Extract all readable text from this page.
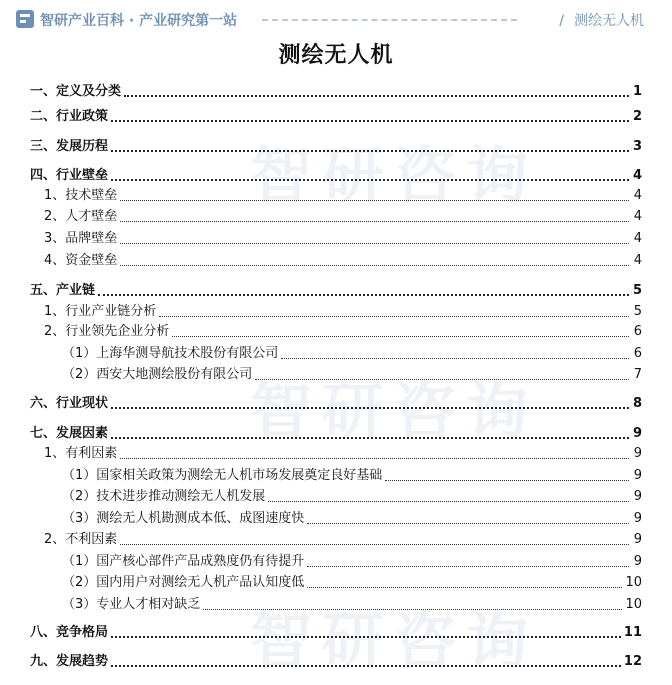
智研产业百科 · 产业研究第一站	/ 测绘无人机
智研咨询
智研咨询
智研咨询
测绘无人机
一、定义及分类	1
二、行业政策	2
三、发展历程	3
四、行业壁垒	4
1、技术壁垒	4
2、人才壁垒	4
3、品牌壁垒	4
4、资金壁垒	4
五、产业链	5
1、行业产业链分析	5
2、行业领先企业分析	6
（1）上海华测导航技术股份有限公司	6
（2）西安大地测绘股份有限公司	7
六、行业现状	8
七、发展因素	9
1、有利因素	9
（1）国家相关政策为测绘无人机市场发展奠定良好基础	9
（2）技术进步推动测绘无人机发展	9
（3）测绘无人机勘测成本低、成图速度快	9
2、不利因素	9
（1）国产核心部件产品成熟度仍有待提升	9
（2）国内用户对测绘无人机产品认知度低	10
（3）专业人才相对缺乏	10
八、竞争格局	11
九、发展趋势	12
